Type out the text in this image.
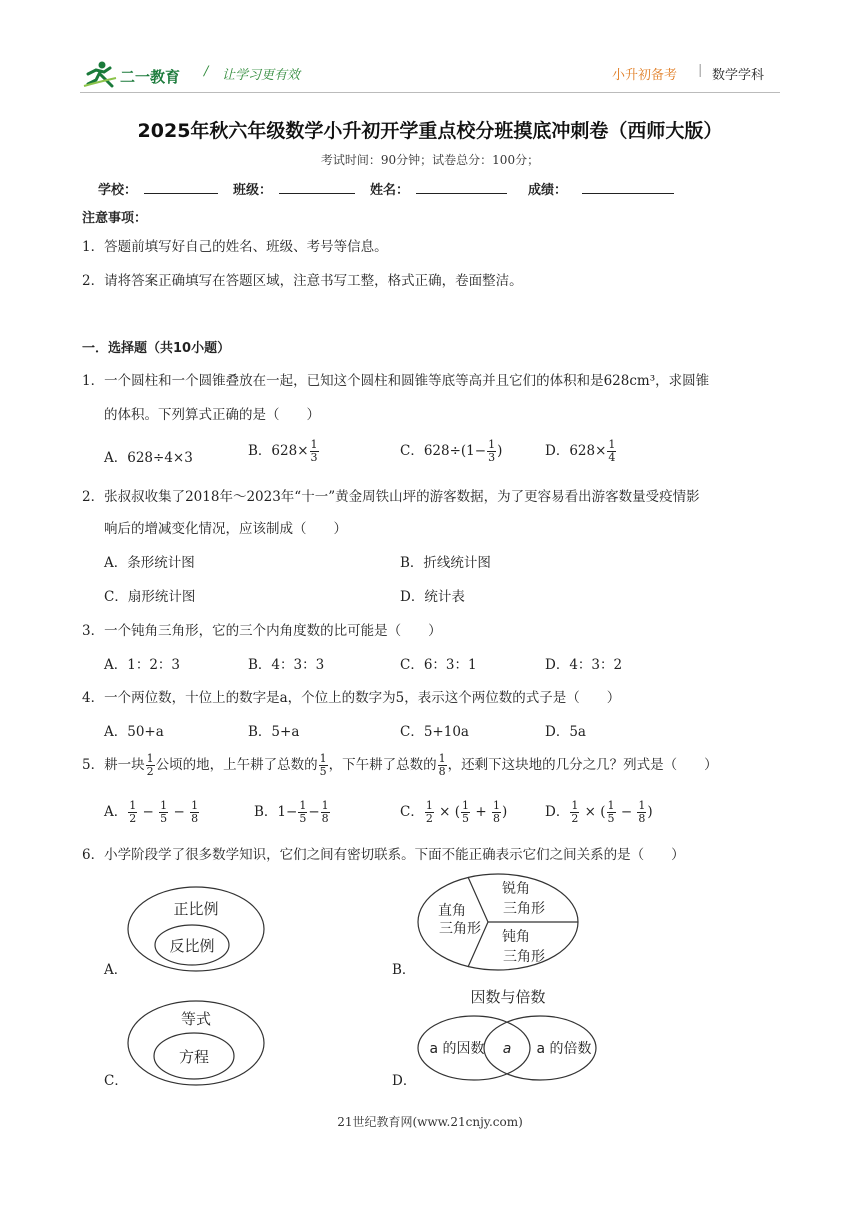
二一教育 / 让学习更有效	小升初备考 | 数学学科
2025年秋六年级数学小升初开学重点校分班摸底冲刺卷（西师大版）
考试时间：90分钟；试卷总分：100分；
学校：	班级：	姓名：	成绩：
注意事项：
1．答题前填写好自己的姓名、班级、考号等信息。
2．请将答案正确填写在答题区域，注意书写工整，格式正确，卷面整洁。
一．选择题（共10小题）
1．一个圆柱和一个圆锥叠放在一起，已知这个圆柱和圆锥等底等高并且它们的体积和是628cm³，求圆锥
的体积。下列算式正确的是（　　）
A．628÷4×3	B．$628\times \frac{1}{3}$	C．$628\div(1- \frac{1}{3}$ )	D．$628\times \frac{1}{4}$
2．张叔叔收集了2018年～2023年“十一”黄金周铁山坪的游客数据，为了更容易看出游客数量受疫情影
响后的增减变化情况，应该制成（　　）
A．条形统计图	B．折线统计图
C．扇形统计图	D．统计表
3．一个钝角三角形，它的三个内角度数的比可能是（　　）
A．1：2：3	B．4：3：3	C．6：3：1	D．4：3：2
4．一个两位数，十位上的数字是a，个位上的数字为5，表示这个两位数的式子是（　　）
A．50+a	B．5+a	C．5+10a	D．5a
5．耕一块 $\frac{1}{2}$ 公顷的地，上午耕了总数的 $\frac{1}{5}$ ，下午耕了总数的 $\frac{1}{8}$ ，还剩下这块地的几分之几？列式是（　　）
A． $\frac{1}{2} - \frac{1}{5} - \frac{1}{8}$	B．$1- \frac{1}{5} - \frac{1}{8}$	C． $\frac{1}{2}$ × ( $\frac{1}{5} + \frac{1}{8}$ )	D． $\frac{1}{2}$ × ( $\frac{1}{5} - \frac{1}{8}$ )
6．小学阶段学了很多数学知识，它们之间有密切联系。下面不能正确表示它们之间关系的是（　　）
A．
正比例
反比例
B．
直角
三角形
锐角
三角形
钝角
三角形
C．
等式
方程
D．
因数与倍数
a 的因数 a a 的倍数
21世纪教育网(www.21cnjy.com)
